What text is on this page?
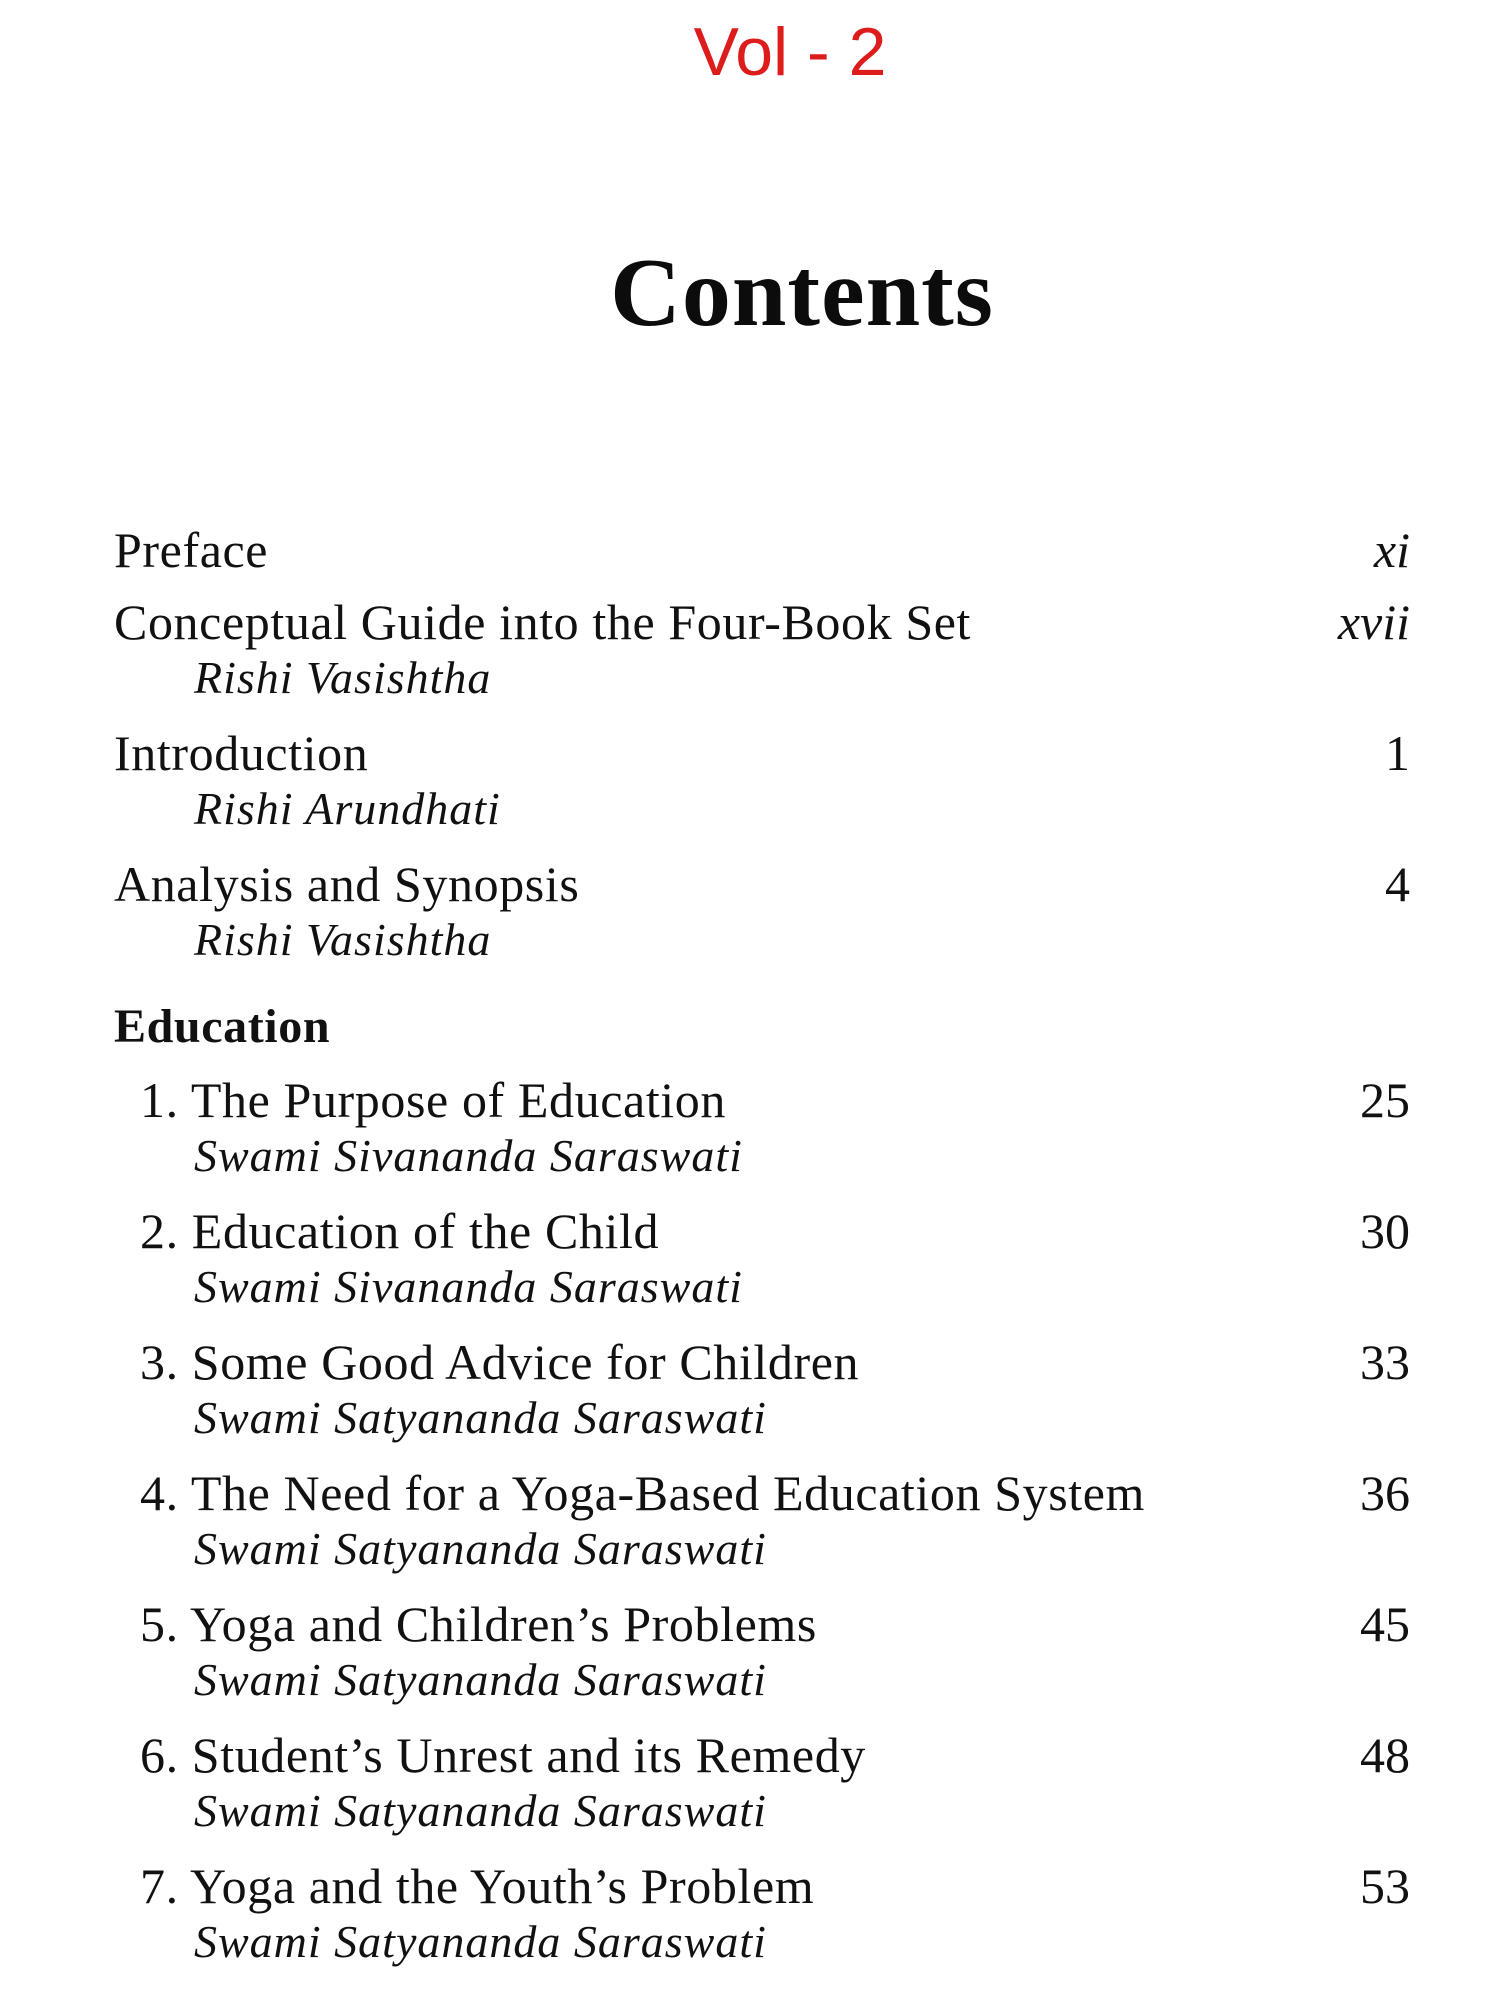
Vol - 2
Contents
Preface	xi
Conceptual Guide into the Four-Book Set	xvii
Rishi Vasishtha
Introduction	1
Rishi Arundhati
Analysis and Synopsis	4
Rishi Vasishtha
Education
1. The Purpose of Education	25
Swami Sivananda Saraswati
2. Education of the Child	30
Swami Sivananda Saraswati
3. Some Good Advice for Children	33
Swami Satyananda Saraswati
4. The Need for a Yoga-Based Education System	36
Swami Satyananda Saraswati
5. Yoga and Children’s Problems	45
Swami Satyananda Saraswati
6. Student’s Unrest and its Remedy	48
Swami Satyananda Saraswati
7. Yoga and the Youth’s Problem	53
Swami Satyananda Saraswati
